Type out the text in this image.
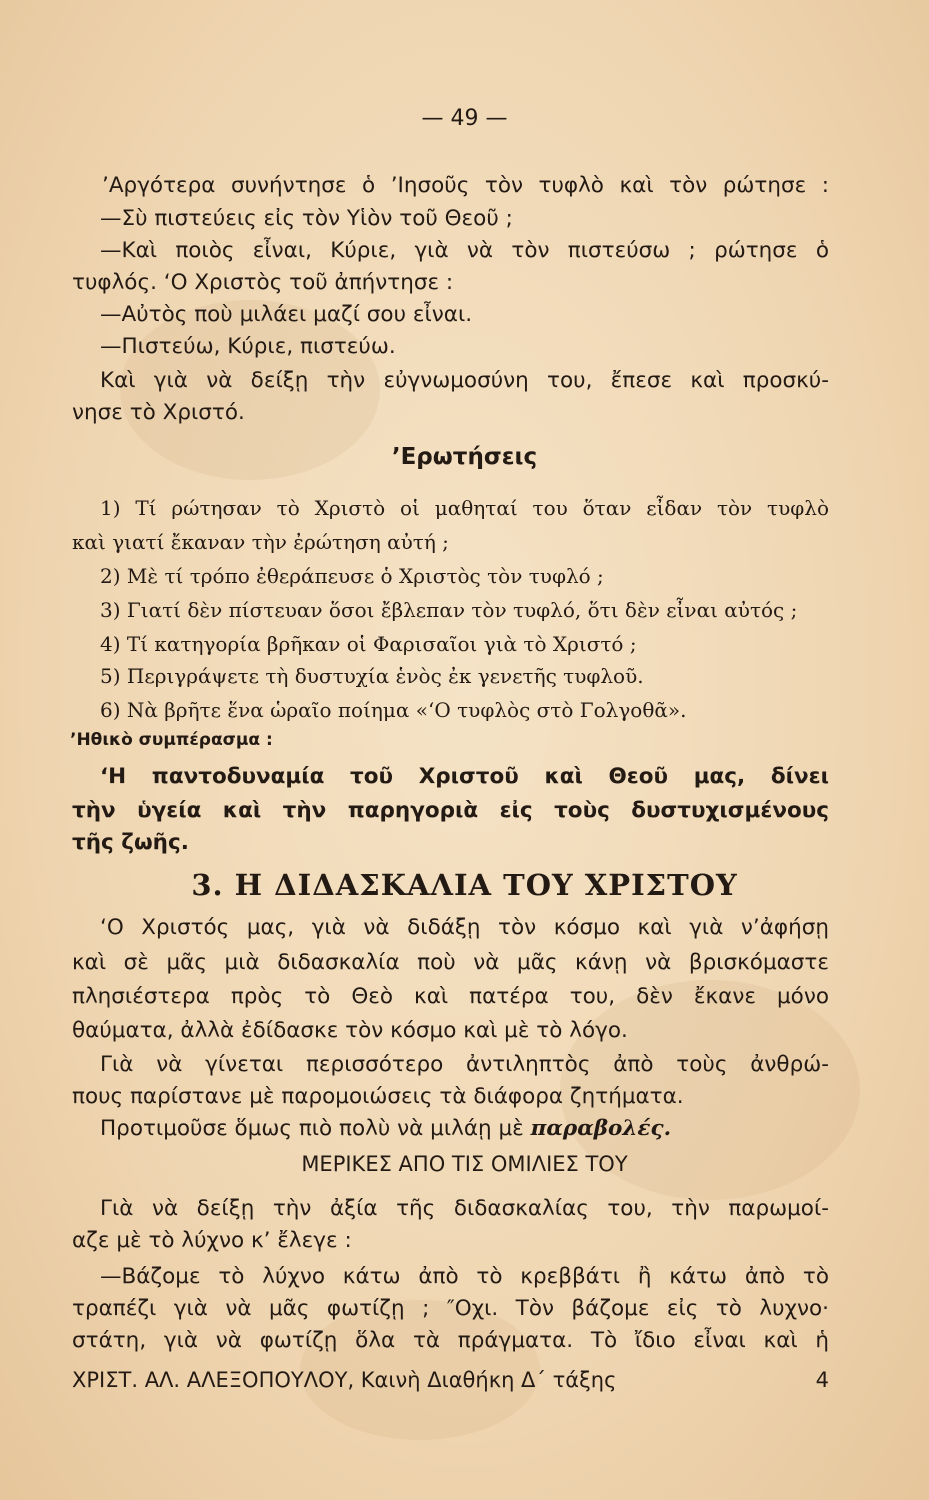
— 49 —
’Αργότερα συνήντησε ὁ ’Ιησοῦς τὸν τυφλὸ καὶ τὸν ρώτησε :
—Σὺ πιστεύεις εἰς τὸν Υἱὸν τοῦ Θεοῦ ;
—Καὶ ποιὸς εἶναι, Κύριε, γιὰ νὰ τὸν πιστεύσω ; ρώτησε ὁ
τυφλός. ‘Ο Χριστὸς τοῦ ἀπήντησε :
—Αὐτὸς ποὺ μιλάει μαζί σου εἶναι.
—Πιστεύω, Κύριε, πιστεύω.
Καὶ γιὰ νὰ δείξῃ τὴν εὐγνωμοσύνη του, ἔπεσε καὶ προσκύ-
νησε τὸ Χριστό.
’Ερωτήσεις
1) Τί ρώτησαν τὸ Χριστὸ οἱ μαθηταί του ὅταν εἶδαν τὸν τυφλὸ
καὶ γιατί ἔκαναν τὴν ἐρώτηση αὐτή ;
2) Μὲ τί τρόπο ἐθεράπευσε ὁ Χριστὸς τὸν τυφλό ;
3) Γιατί δὲν πίστευαν ὅσοι ἔβλεπαν τὸν τυφλό, ὅτι δὲν εἶναι αὐτός ;
4) Τί κατηγορία βρῆκαν οἱ Φαρισαῖοι γιὰ τὸ Χριστό ;
5) Περιγράψετε τὴ δυστυχία ἑνὸς ἐκ γενετῆς τυφλοῦ.
6) Νὰ βρῆτε ἕνα ὡραῖο ποίημα «‘Ο τυφλὸς στὸ Γολγοθᾶ».
’Ηθικὸ συμπέρασμα :
‘Η παντοδυναμία τοῦ Χριστοῦ καὶ Θεοῦ μας, δίνει
τὴν ὑγεία καὶ τὴν παρηγοριὰ εἰς τοὺς δυστυχισμένους
τῆς ζωῆς.
3. Η ΔΙΔΑΣΚΑΛΙΑ ΤΟΥ ΧΡΙΣΤΟΥ
‘Ο Χριστός μας, γιὰ νὰ διδάξῃ τὸν κόσμο καὶ γιὰ ν’ἀφήσῃ
καὶ σὲ μᾶς μιὰ διδασκαλία ποὺ νὰ μᾶς κάνῃ νὰ βρισκόμαστε
πλησιέστερα πρὸς τὸ Θεὸ καὶ πατέρα του, δὲν ἔκανε μόνο
θαύματα, ἀλλὰ ἐδίδασκε τὸν κόσμο καὶ μὲ τὸ λόγο.
Γιὰ νὰ γίνεται περισσότερο ἀντιληπτὸς ἀπὸ τοὺς ἀνθρώ-
πους παρίστανε μὲ παρομοιώσεις τὰ διάφορα ζητήματα.
Προτιμοῦσε ὅμως πιὸ πολὺ νὰ μιλάῃ μὲ παραβολές.
ΜΕΡΙΚΕΣ ΑΠΟ ΤΙΣ ΟΜΙΛΙΕΣ ΤΟΥ
Γιὰ νὰ δείξῃ τὴν ἀξία τῆς διδασκαλίας του, τὴν παρωμοί-
αζε μὲ τὸ λύχνο κ’ ἔλεγε :
—Βάζομε τὸ λύχνο κάτω ἀπὸ τὸ κρεββάτι ἢ κάτω ἀπὸ τὸ
τραπέζι γιὰ νὰ μᾶς φωτίζῃ ; ″Οχι. Τὸν βάζομε εἰς τὸ λυχνο·
στάτη, γιὰ νὰ φωτίζῃ ὅλα τὰ πράγματα. Τὸ ἴδιο εἶναι καὶ ἡ
ΧΡΙΣΤ. ΑΛ. ΑΛΕΞΟΠΟΥΛΟΥ, Καινὴ Διαθήκη Δ΄ τάξης	4
